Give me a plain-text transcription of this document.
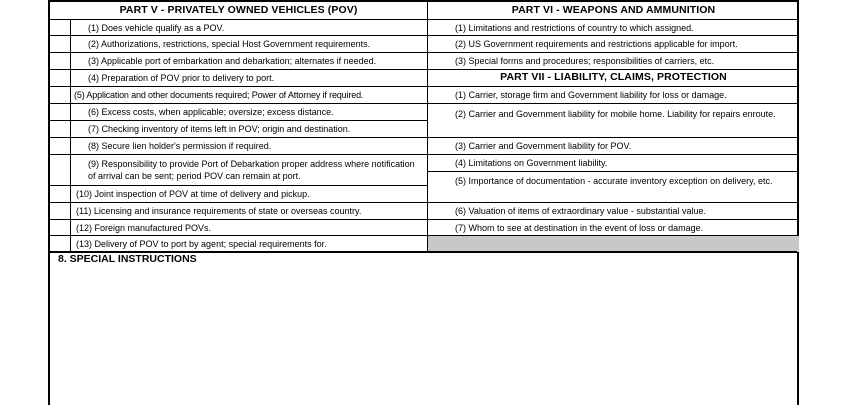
PART V - PRIVATELY OWNED VEHICLES (POV)
(1) Does vehicle qualify as a POV.
(2) Authorizations, restrictions, special Host Government requirements.
(3) Applicable port of embarkation and debarkation; alternates if needed.
(4) Preparation of POV prior to delivery to port.
(5) Application and other documents required; Power of Attorney if required.
(6) Excess costs, when applicable; oversize; excess distance.
(7) Checking inventory of items left in POV; origin and destination.
(8) Secure lien holder's permission if required.
(9) Responsibility to provide Port of Debarkation proper address where notification of arrival can be sent; period POV can remain at port.
(10) Joint inspection of POV at time of delivery and pickup.
(11) Licensing and insurance requirements of state or overseas country.
(12) Foreign manufactured POVs.
(13) Delivery of POV to port by agent; special requirements for.
PART VI - WEAPONS AND AMMUNITION
(1) Limitations and restrictions of country to which assigned.
(2) US Government requirements and restrictions applicable for import.
(3) Special forms and procedures; responsibilities of carriers, etc.
PART VII - LIABILITY, CLAIMS, PROTECTION
(1) Carrier, storage firm and Government liability for loss or damage.
(2) Carrier and Government liability for mobile home. Liability for repairs enroute.
(3) Carrier and Government liability for POV.
(4) Limitations on Government liability.
(5) Importance of documentation - accurate inventory exception on delivery, etc.
(6) Valuation of items of extraordinary value - substantial value.
(7) Whom to see at destination in the event of loss or damage.
8. SPECIAL INSTRUCTIONS
